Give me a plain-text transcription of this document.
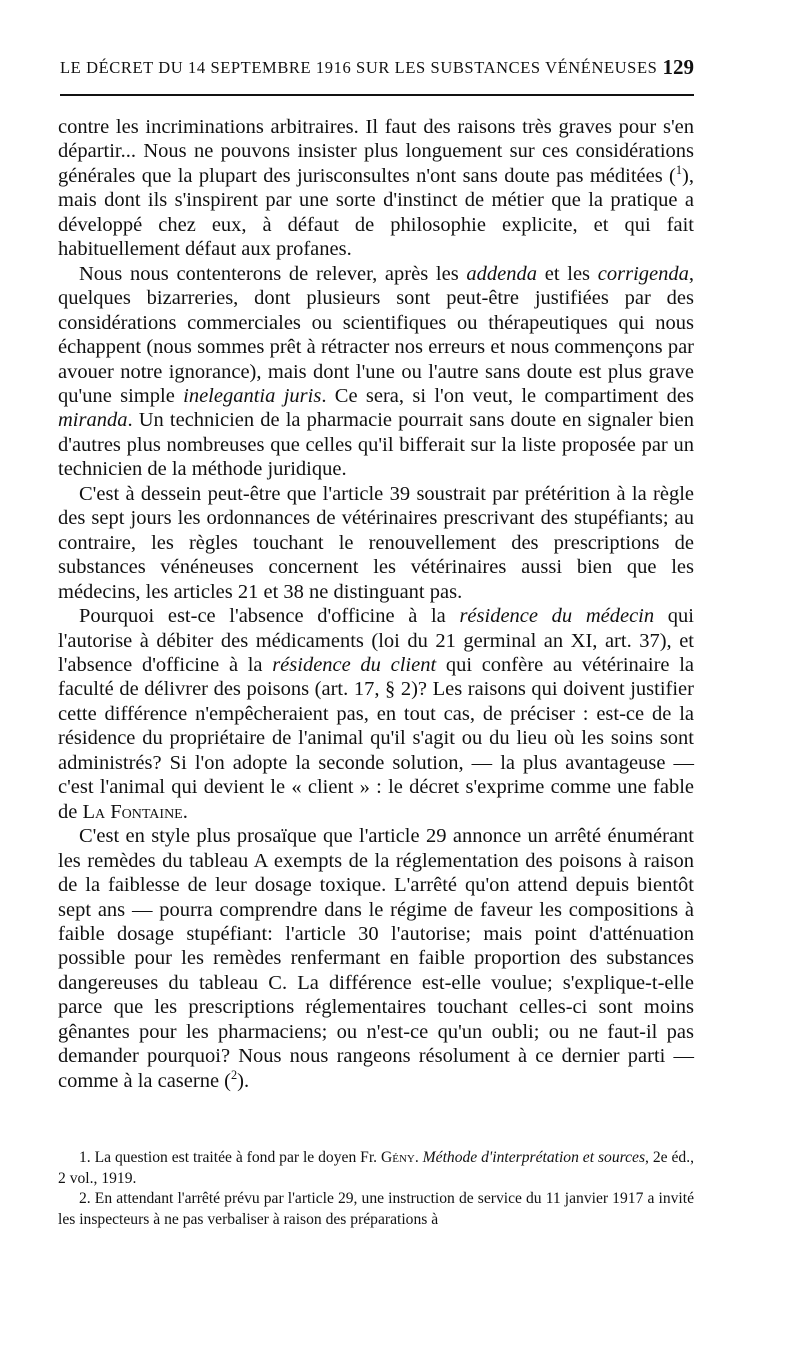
LE DÉCRET DU 14 SEPTEMBRE 1916 SUR LES SUBSTANCES VÉNÉNEUSES 129

contre les incriminations arbitraires. Il faut des raisons très graves pour s'en départir... Nous ne pouvons insister plus longuement sur ces considérations générales que la plupart des jurisconsultes n'ont sans doute pas méditées ($^1$), mais dont ils s'inspirent par une sorte d'instinct de métier que la pratique a développé chez eux, à défaut de philosophie explicite, et qui fait habituellement défaut aux profanes.

Nous nous contenterons de relever, après les addenda et les corrigenda, quelques bizarreries, dont plusieurs sont peut-être justifiées par des considérations commerciales ou scientifiques ou thérapeutiques qui nous échappent (nous sommes prêt à rétracter nos erreurs et nous commençons par avouer notre ignorance), mais dont l'une ou l'autre sans doute est plus grave qu'une simple inelegantia juris. Ce sera, si l'on veut, le compartiment des miranda. Un technicien de la pharmacie pourrait sans doute en signaler bien d'autres plus nombreuses que celles qu'il bifferait sur la liste proposée par un technicien de la méthode juridique.

C'est à dessein peut-être que l'article 39 soustrait par prétérition à la règle des sept jours les ordonnances de vétérinaires prescrivant des stupéfiants; au contraire, les règles touchant le renouvellement des prescriptions de substances vénéneuses concernent les vétérinaires aussi bien que les médecins, les articles 21 et 38 ne distinguant pas.

Pourquoi est-ce l'absence d'officine à la résidence du médecin qui l'autorise à débiter des médicaments (loi du 21 germinal an XI, art. 37), et l'absence d'officine à la résidence du client qui confère au vétérinaire la faculté de délivrer des poisons (art. 17, § 2)? Les raisons qui doivent justifier cette différence n'empêcheraient pas, en tout cas, de préciser : est-ce de la résidence du propriétaire de l'animal qu'il s'agit ou du lieu où les soins sont administrés? Si l'on adopte la seconde solution, — la plus avantageuse — c'est l'animal qui devient le « client » : le décret s'exprime comme une fable de La Fontaine.

C'est en style plus prosaïque que l'article 29 annonce un arrêté énumérant les remèdes du tableau A exempts de la réglementation des poisons à raison de la faiblesse de leur dosage toxique. L'arrêté qu'on attend depuis bientôt sept ans — pourra comprendre dans le régime de faveur les compositions à faible dosage stupéfiant: l'article 30 l'autorise; mais point d'atténuation possible pour les remèdes renfermant en faible proportion des substances dangereuses du tableau C. La différence est-elle voulue; s'explique-t-elle parce que les prescriptions réglementaires touchant celles-ci sont moins gênantes pour les pharmaciens; ou n'est-ce qu'un oubli; ou ne faut-il pas demander pourquoi? Nous nous rangeons résolument à ce dernier parti — comme à la caserne ($^2$).

1. La question est traitée à fond par le doyen Fr. Gény. Méthode d'interprétation et sources, 2e éd., 2 vol., 1919.

2. En attendant l'arrêté prévu par l'article 29, une instruction de service du 11 janvier 1917 a invité les inspecteurs à ne pas verbaliser à raison des préparations à
